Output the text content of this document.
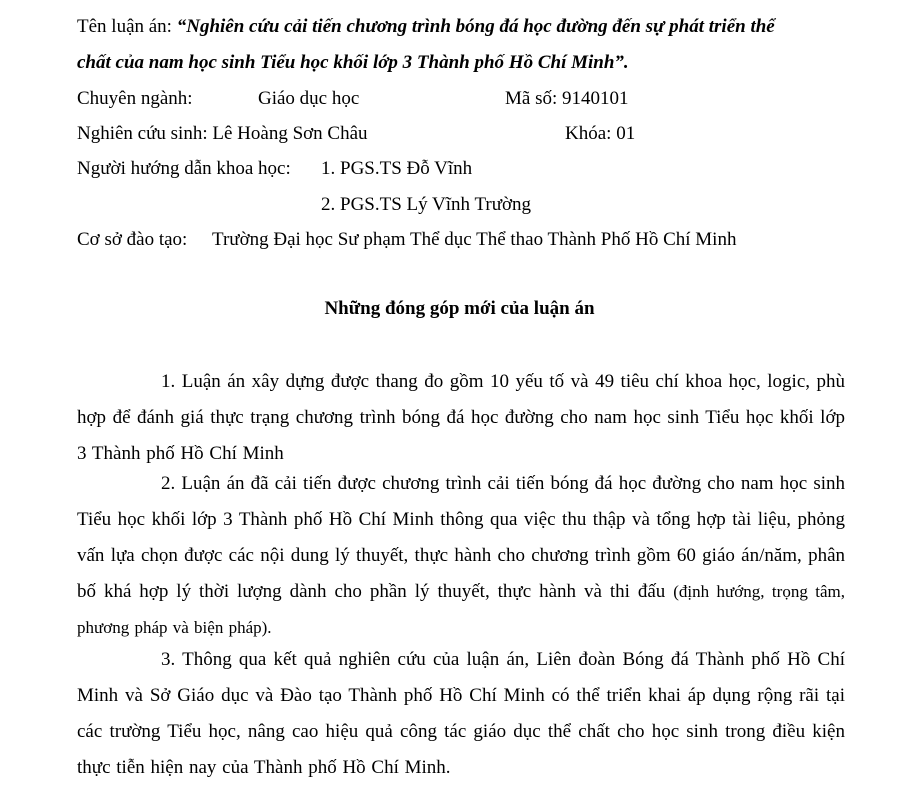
Tên luận án: “Nghiên cứu cải tiến chương trình bóng đá học đường đến sự phát triển thể
chất của nam học sinh Tiểu học khối lớp 3 Thành phố Hồ Chí Minh”.
Chuyên ngành:	Giáo dục học	Mã số: 9140101
Nghiên cứu sinh: Lê Hoàng Sơn Châu	Khóa: 01
Người hướng dẫn khoa học: 1. PGS.TS Đỗ Vĩnh
2. PGS.TS Lý Vĩnh Trường
Cơ sở đào tạo: Trường Đại học Sư phạm Thể dục Thể thao Thành Phố Hồ Chí Minh
Những đóng góp mới của luận án
1. Luận án xây dựng được thang đo gồm 10 yếu tố và 49 tiêu chí khoa học, logic, phù hợp để đánh giá thực trạng chương trình bóng đá học đường cho nam học sinh Tiểu học khối lớp 3 Thành phố Hồ Chí Minh
2. Luận án đã cải tiến được chương trình cải tiến bóng đá học đường cho nam học sinh Tiểu học khối lớp 3 Thành phố Hồ Chí Minh thông qua việc thu thập và tổng hợp tài liệu, phỏng vấn lựa chọn được các nội dung lý thuyết, thực hành cho chương trình gồm 60 giáo án/năm, phân bố khá hợp lý thời lượng dành cho phần lý thuyết, thực hành và thi đấu (định hướng, trọng tâm, phương pháp và biện pháp).
3. Thông qua kết quả nghiên cứu của luận án, Liên đoàn Bóng đá Thành phố Hồ Chí Minh và Sở Giáo dục và Đào tạo Thành phố Hồ Chí Minh có thể triển khai áp dụng rộng rãi tại các trường Tiểu học, nâng cao hiệu quả công tác giáo dục thể chất cho học sinh trong điều kiện thực tiễn hiện nay của Thành phố Hồ Chí Minh.
